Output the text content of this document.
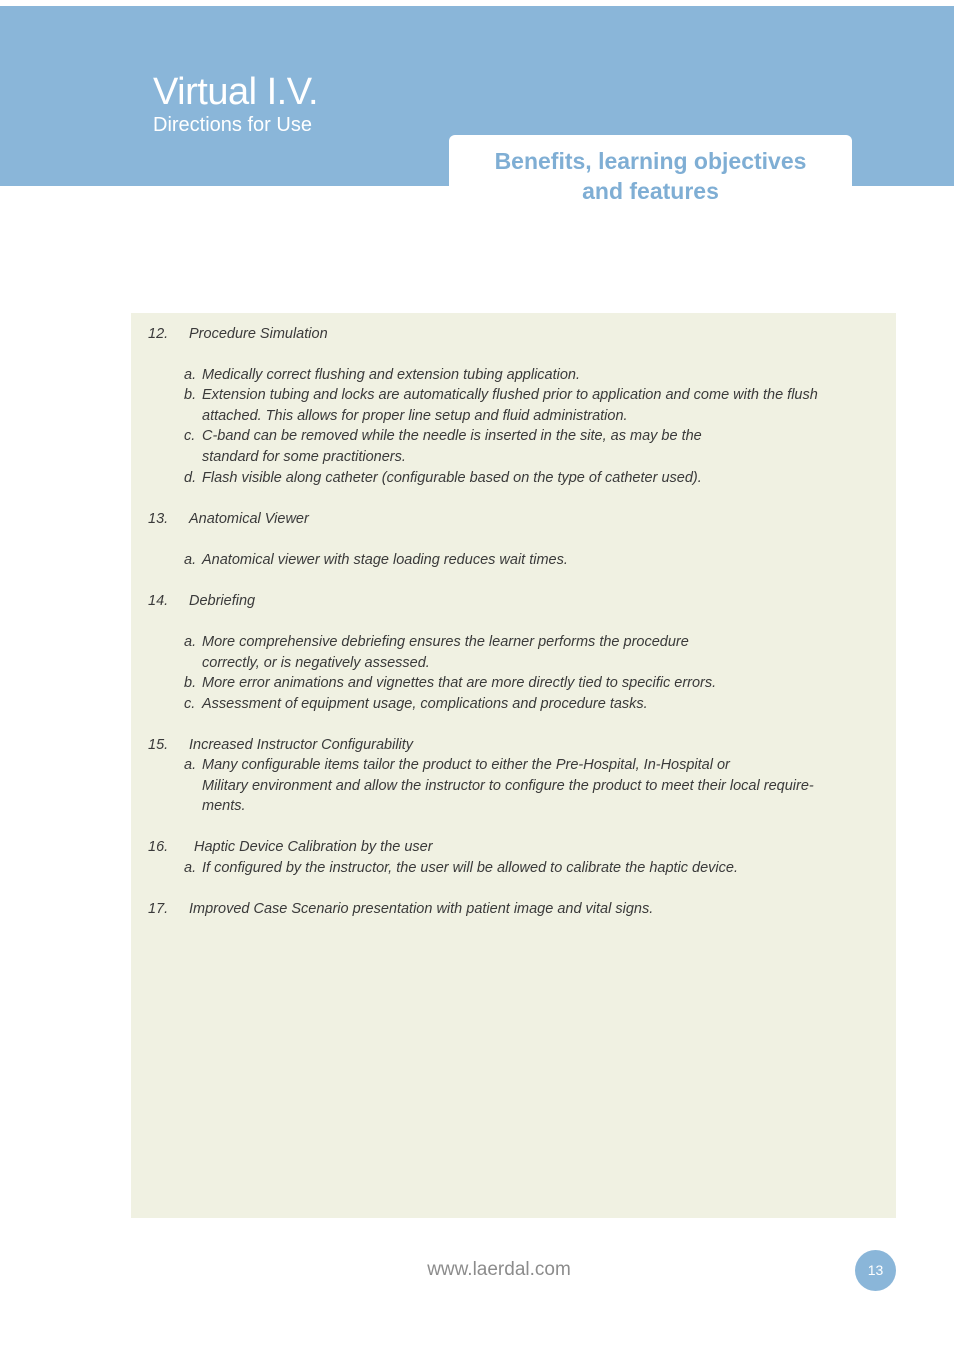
Virtual I.V.
Directions for Use
Benefits, learning objectives
and features
12. Procedure Simulation
a. Medically correct flushing and extension tubing application.
b. Extension tubing and locks are automatically flushed prior to application and come with the flush attached. This allows for proper line setup and fluid administration.
c. C-band can be removed while the needle is inserted in the site, as may be the
standard for some practitioners.
d. Flash visible along catheter (configurable based on the type of catheter used).
13. Anatomical Viewer
a. Anatomical viewer with stage loading reduces wait times.
14. Debriefing
a. More comprehensive debriefing ensures the learner performs the procedure
correctly, or is negatively assessed.
b. More error animations and vignettes that are more directly tied to specific errors.
c. Assessment of equipment usage, complications and procedure tasks.
15. Increased Instructor Configurability
a. Many configurable items tailor the product to either the Pre-Hospital, In-Hospital or
Military environment and allow the instructor to configure the product to meet their local require-
ments.
16. Haptic Device Calibration by the user
a. If configured by the instructor, the user will be allowed to calibrate the haptic device.
17. Improved Case Scenario presentation with patient image and vital signs.
www.laerdal.com	13
